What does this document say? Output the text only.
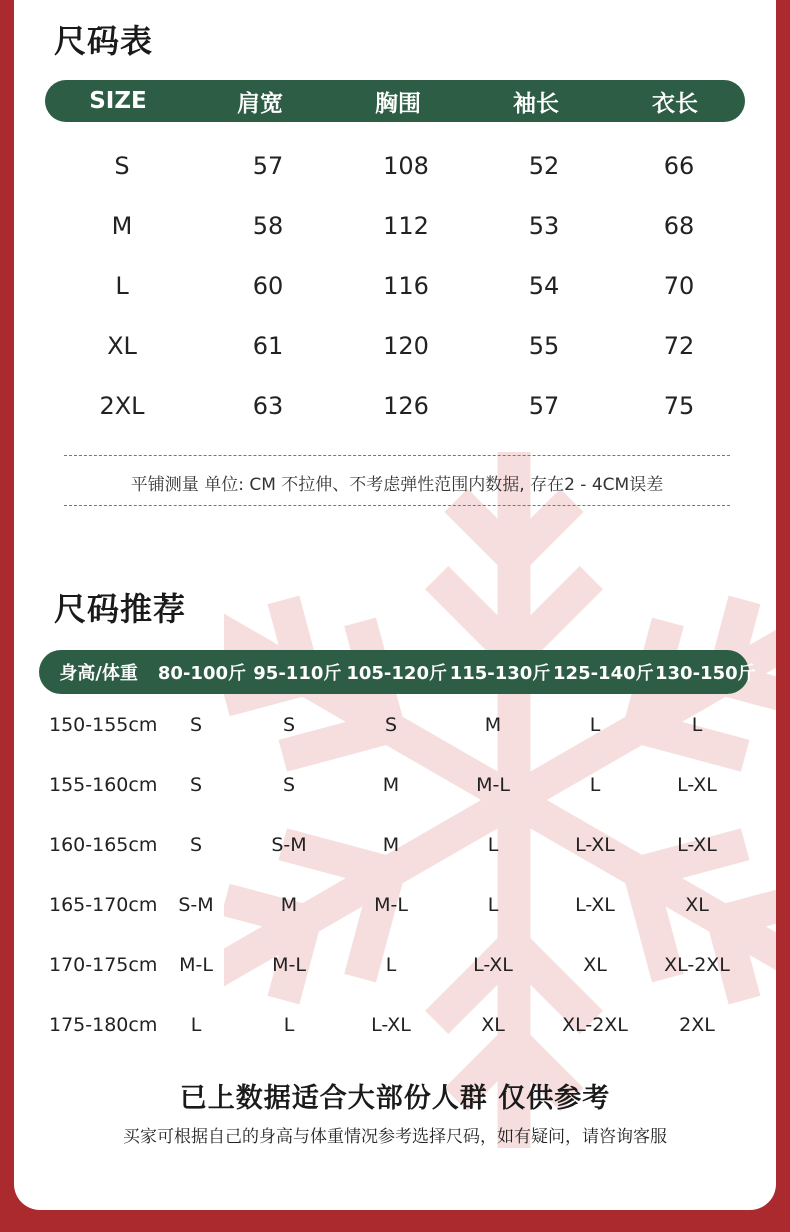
尺码表
SIZE	肩宽	胸围	袖长	衣长
S	57	108	52	66
M	58	112	53	68
L	60	116	54	70
XL	61	120	55	72
2XL	63	126	57	75
平铺测量 单位: CM 不拉伸、不考虑弹性范围内数据, 存在2 - 4CM误差
尺码推荐
身高/体重	80-100斤 95-110斤 105-120斤 115-130斤 125-140斤 130-150斤
150-155cm	S	S	S	M	L	L
155-160cm	S	S	M	M-L	L	L-XL
160-165cm	S	S-M	M	L	L-XL	L-XL
165-170cm	S-M	M	M-L	L	L-XL	XL
170-175cm	M-L	M-L	L	L-XL	XL	XL-2XL
175-180cm	L	L	L-XL	XL	XL-2XL	2XL
已上数据适合大部份人群 仅供参考
买家可根据自己的身高与体重情况参考选择尺码，如有疑问，请咨询客服
